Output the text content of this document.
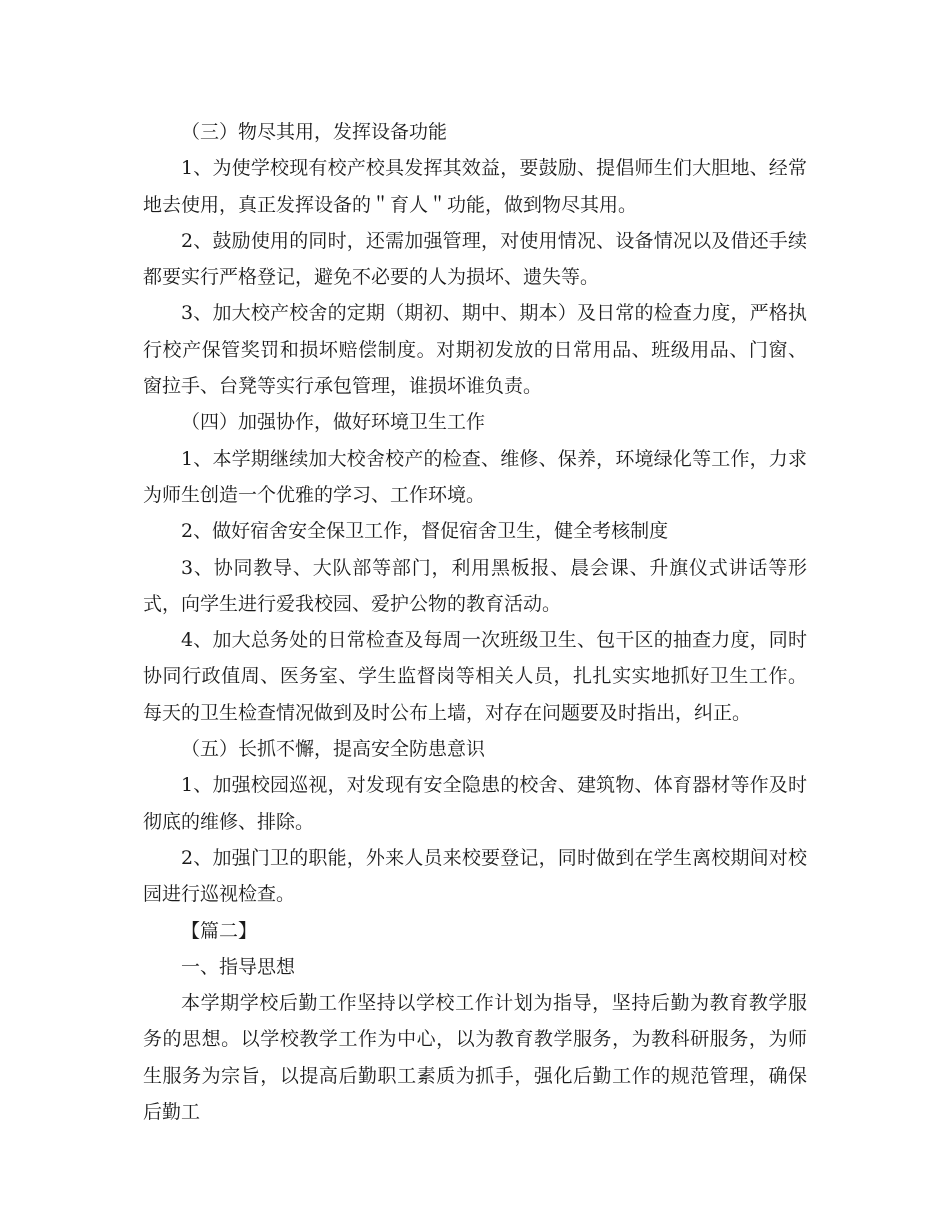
（三）物尽其用，发挥设备功能

1、为使学校现有校产校具发挥其效益，要鼓励、提倡师生们大胆地、经常地去使用，真正发挥设备的＂育人＂功能，做到物尽其用。

2、鼓励使用的同时，还需加强管理，对使用情况、设备情况以及借还手续都要实行严格登记，避免不必要的人为损坏、遗失等。

3、加大校产校舍的定期（期初、期中、期本）及日常的检查力度，严格执行校产保管奖罚和损坏赔偿制度。对期初发放的日常用品、班级用品、门窗、窗拉手、台凳等实行承包管理，谁损坏谁负责。

（四）加强协作，做好环境卫生工作

1、本学期继续加大校舍校产的检查、维修、保养，环境绿化等工作，力求为师生创造一个优雅的学习、工作环境。

2、做好宿舍安全保卫工作，督促宿舍卫生，健全考核制度

3、协同教导、大队部等部门，利用黑板报、晨会课、升旗仪式讲话等形式，向学生进行爱我校园、爱护公物的教育活动。

4、加大总务处的日常检查及每周一次班级卫生、包干区的抽查力度，同时协同行政值周、医务室、学生监督岗等相关人员，扎扎实实地抓好卫生工作。每天的卫生检查情况做到及时公布上墙，对存在问题要及时指出，纠正。

（五）长抓不懈，提高安全防患意识

1、加强校园巡视，对发现有安全隐患的校舍、建筑物、体育器材等作及时彻底的维修、排除。

2、加强门卫的职能，外来人员来校要登记，同时做到在学生离校期间对校园进行巡视检查。

【篇二】

一、指导思想

本学期学校后勤工作坚持以学校工作计划为指导，坚持后勤为教育教学服务的思想。以学校教学工作为中心，以为教育教学服务，为教科研服务，为师生服务为宗旨，以提高后勤职工素质为抓手，强化后勤工作的规范管理，确保后勤工
